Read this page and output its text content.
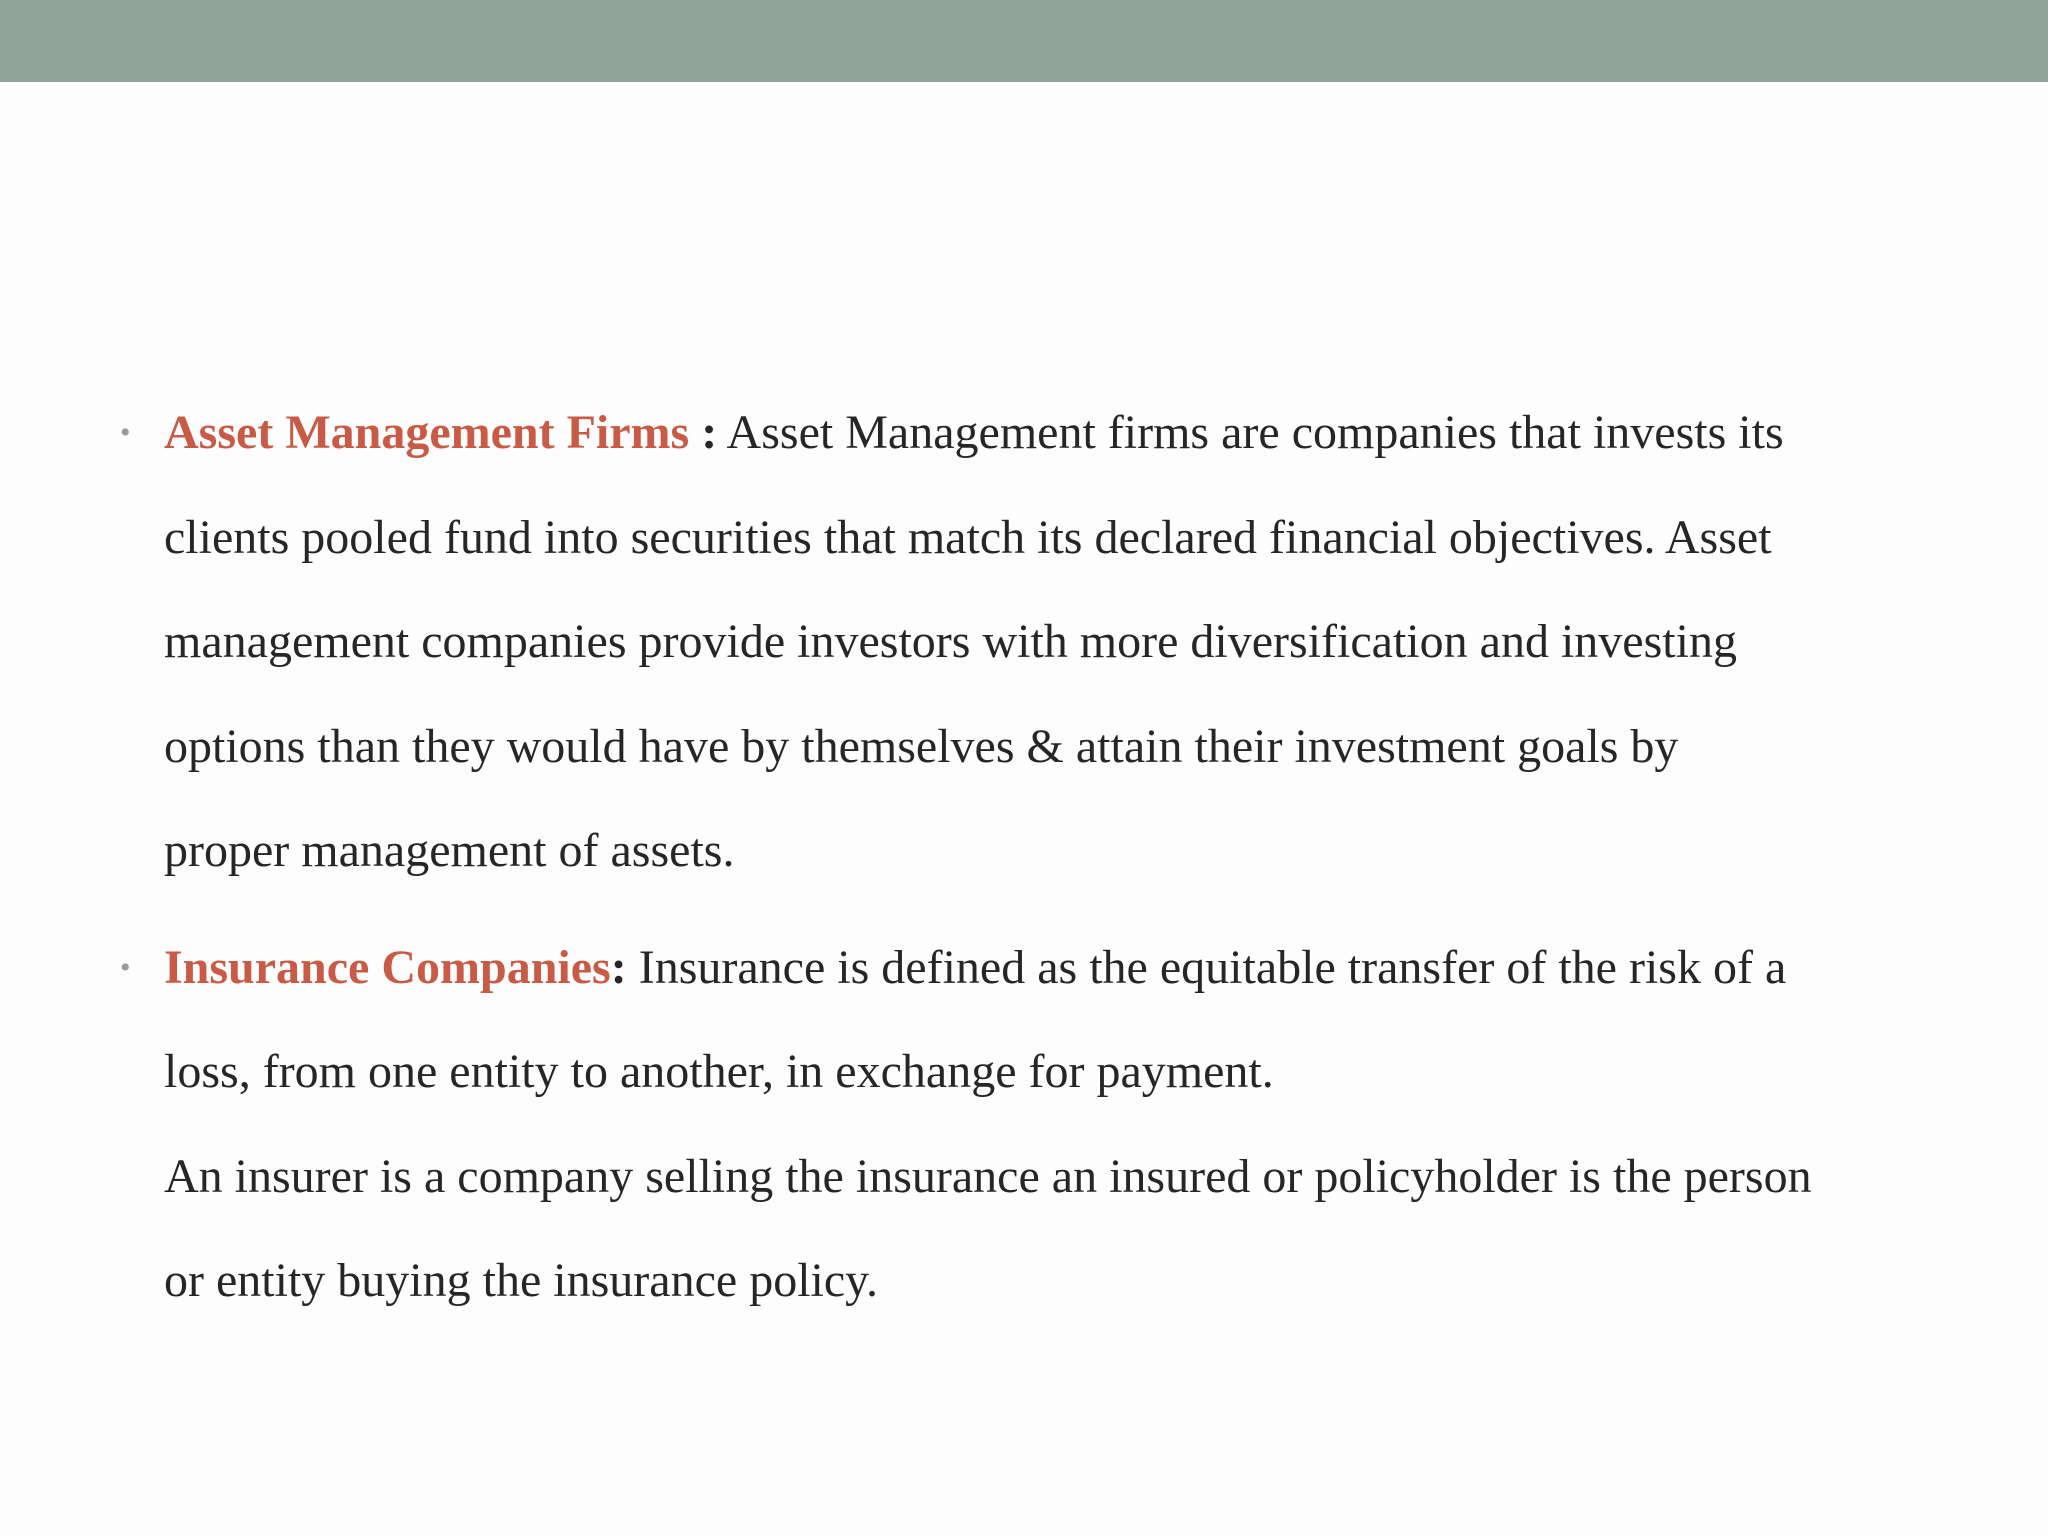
• Asset Management Firms : Asset Management firms are companies that invests its
clients pooled fund into securities that match its declared financial objectives. Asset
management companies provide investors with more diversification and investing
options than they would have by themselves & attain their investment goals by
proper management of assets.

• Insurance Companies: Insurance is defined as the equitable transfer of the risk of a
loss, from one entity to another, in exchange for payment.
An insurer is a company selling the insurance an insured or policyholder is the person
or entity buying the insurance policy.
